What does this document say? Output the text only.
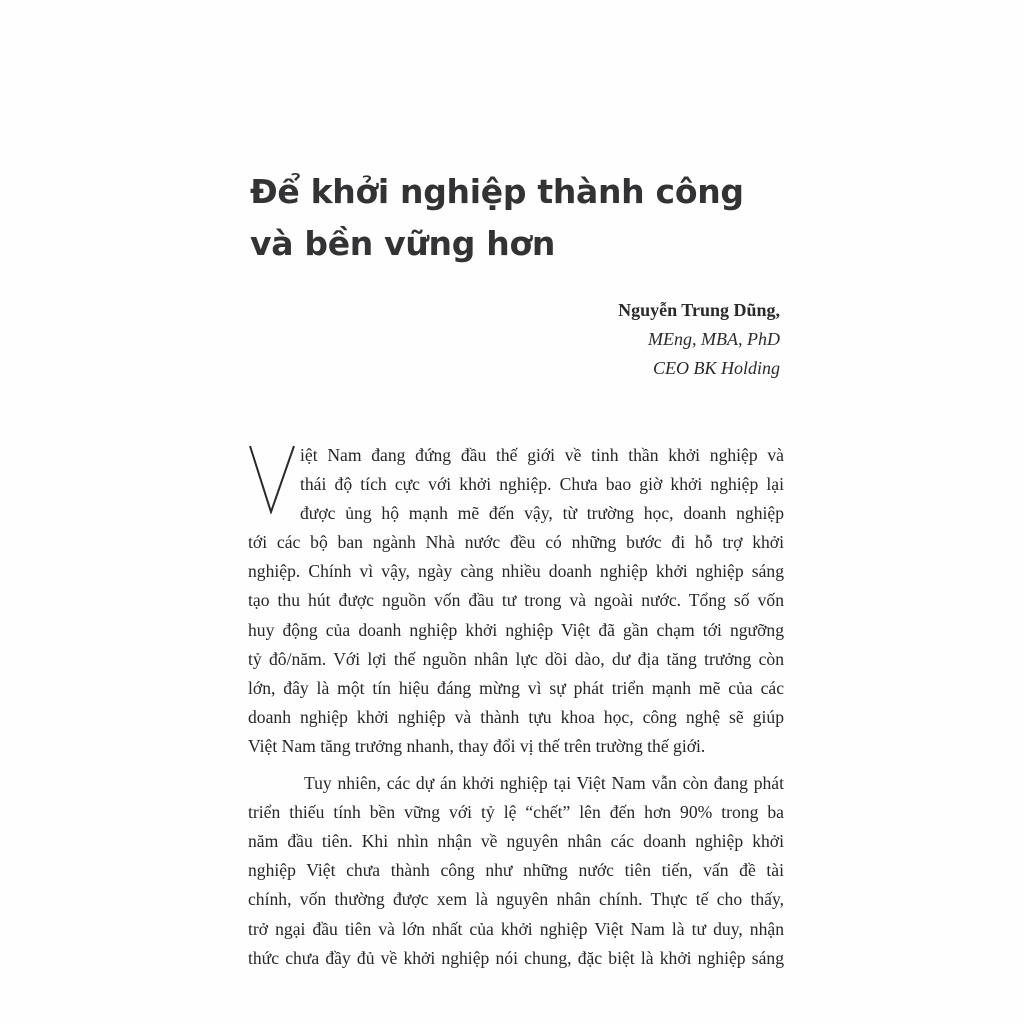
Để khởi nghiệp thành công
và bền vững hơn
Nguyễn Trung Dũng,
MEng, MBA, PhD
CEO BK Holding
iệt Nam đang đứng đầu thế giới về tinh thần khởi nghiệp và
thái độ tích cực với khởi nghiệp. Chưa bao giờ khởi nghiệp lại
được ủng hộ mạnh mẽ đến vậy, từ trường học, doanh nghiệp
tới các bộ ban ngành Nhà nước đều có những bước đi hỗ trợ khởi
nghiệp. Chính vì vậy, ngày càng nhiều doanh nghiệp khởi nghiệp sáng
tạo thu hút được nguồn vốn đầu tư trong và ngoài nước. Tổng số vốn
huy động của doanh nghiệp khởi nghiệp Việt đã gần chạm tới ngưỡng
tỷ đô/năm. Với lợi thế nguồn nhân lực dồi dào, dư địa tăng trưởng còn
lớn, đây là một tín hiệu đáng mừng vì sự phát triển mạnh mẽ của các
doanh nghiệp khởi nghiệp và thành tựu khoa học, công nghệ sẽ giúp
Việt Nam tăng trưởng nhanh, thay đổi vị thế trên trường thế giới.
Tuy nhiên, các dự án khởi nghiệp tại Việt Nam vẫn còn đang phát
triển thiếu tính bền vững với tỷ lệ “chết” lên đến hơn 90% trong ba
năm đầu tiên. Khi nhìn nhận về nguyên nhân các doanh nghiệp khởi
nghiệp Việt chưa thành công như những nước tiên tiến, vấn đề tài
chính, vốn thường được xem là nguyên nhân chính. Thực tế cho thấy,
trở ngại đầu tiên và lớn nhất của khởi nghiệp Việt Nam là tư duy, nhận
thức chưa đầy đủ về khởi nghiệp nói chung, đặc biệt là khởi nghiệp sáng
